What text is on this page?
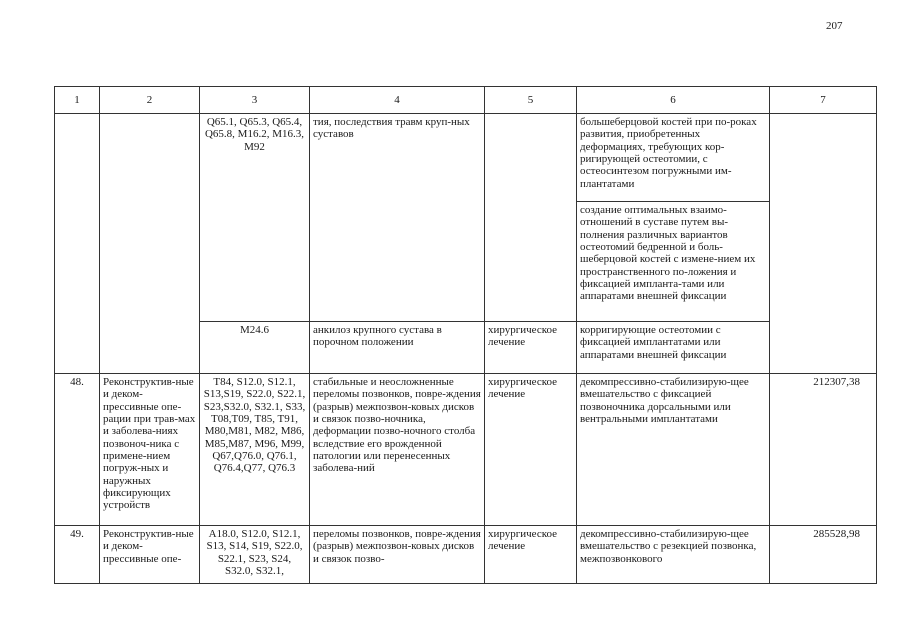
207
1	2	3	4	5	6	7
		Q65.1, Q65.3, Q65.4, Q65.8, M16.2, M16.3, M92	тия, последствия травм круп-ных суставов		большеберцовой костей при по-роках развития, приобретенных деформациях, требующих кор-ригирующей остеотомии, с остеосинтезом погружными им-плантатами	
					создание оптимальных взаимо-отношений в суставе путем вы-полнения различных вариантов остеотомий бедренной и боль-шеберцовой костей с измене-нием их пространственного по-ложения и фиксацией импланта-тами или аппаратами внешней фиксации	
		M24.6	анкилоз крупного сустава в порочном положении	хирургическое лечение	корригирующие остеотомии с фиксацией имплантатами или аппаратами внешней фиксации	
48.	Реконструктив-ные и деком-прессивные опе-рации при трав-мах и заболева-ниях позвоноч-ника с примене-нием погруж-ных и наружных фиксирующих устройств	T84, S12.0, S12.1, S13,S19, S22.0, S22.1, S23,S32.0, S32.1, S33, T08,T09, T85, T91, M80,M81, M82, M86, M85,M87, M96, M99, Q67,Q76.0, Q76.1, Q76.4,Q77, Q76.3	стабильные и неосложненные переломы позвонков, повре-ждения (разрыв) межпозвон-ковых дисков и связок позво-ночника, деформации позво-ночного столба вследствие его врожденной патологии или перенесенных заболева-ний	хирургическое лечение	декомпрессивно-стабилизирую-щее вмешательство с фиксацией позвоночника дорсальными или вентральными имплантатами	212307,38
49.	Реконструктив-ные и деком-прессивные опе-	A18.0, S12.0, S12.1, S13, S14, S19, S22.0, S22.1, S23, S24, S32.0, S32.1,	переломы позвонков, повре-ждения (разрыв) межпозвон-ковых дисков и связок позво-	хирургическое лечение	декомпрессивно-стабилизирую-щее вмешательство с резекцией позвонка, межпозвонкового	285528,98
